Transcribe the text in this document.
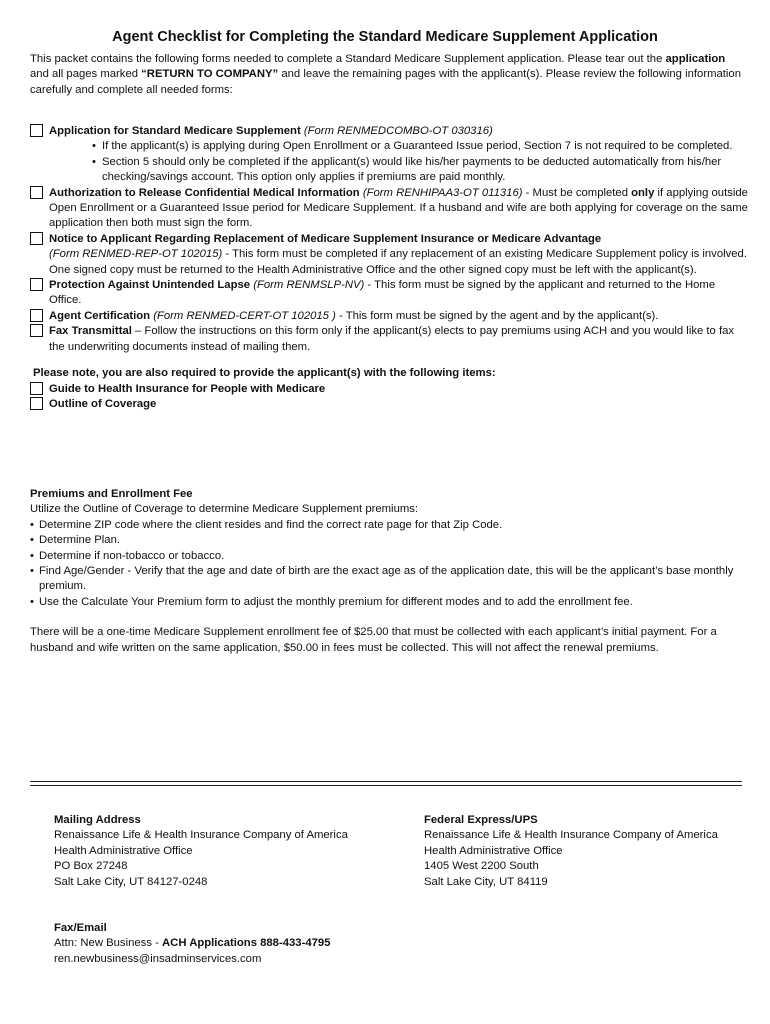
Agent Checklist for Completing the Standard Medicare Supplement Application

This packet contains the following forms needed to complete a Standard Medicare Supplement application. Please tear out the application and all pages marked “RETURN TO COMPANY” and leave the remaining pages with the applicant(s). Please review the following information carefully and complete all needed forms:

Application for Standard Medicare Supplement (Form RENMEDCOMBO-OT 030316)
• If the applicant(s) is applying during Open Enrollment or a Guaranteed Issue period, Section 7 is not required to be completed.
• Section 5 should only be completed if the applicant(s) would like his/her payments to be deducted automatically from his/her checking/savings account. This option only applies if premiums are paid monthly.
Authorization to Release Confidential Medical Information (Form RENHIPAA3-OT 011316) - Must be completed only if applying outside Open Enrollment or a Guaranteed Issue period for Medicare Supplement. If a husband and wife are both applying for coverage on the same application then both must sign the form.
Notice to Applicant Regarding Replacement of Medicare Supplement Insurance or Medicare Advantage
(Form RENMED-REP-OT 102015) - This form must be completed if any replacement of an existing Medicare Supplement policy is involved. One signed copy must be returned to the Health Administrative Office and the other signed copy must be left with the applicant(s).
Protection Against Unintended Lapse (Form RENMSLP-NV) - This form must be signed by the applicant and returned to the Home Office.
Agent Certification (Form RENMED-CERT-OT 102015 ) - This form must be signed by the agent and by the applicant(s).
Fax Transmittal – Follow the instructions on this form only if the applicant(s) elects to pay premiums using ACH and you would like to fax the underwriting documents instead of mailing them.

Please note, you are also required to provide the applicant(s) with the following items:

Guide to Health Insurance for People with Medicare
Outline of Coverage

Premiums and Enrollment Fee

Utilize the Outline of Coverage to determine Medicare Supplement premiums:

• Determine ZIP code where the client resides and find the correct rate page for that Zip Code.
• Determine Plan.
• Determine if non-tobacco or tobacco.
• Find Age/Gender - Verify that the age and date of birth are the exact age as of the application date, this will be the applicant’s base monthly premium.
• Use the Calculate Your Premium form to adjust the monthly premium for different modes and to add the enrollment fee.

There will be a one-time Medicare Supplement enrollment fee of $25.00 that must be collected with each applicant’s initial payment. For a husband and wife written on the same application, $50.00 in fees must be collected. This will not affect the renewal premiums.

Mailing Address

Renaissance Life & Health Insurance Company of America

Health Administrative Office

PO Box 27248

Salt Lake City, UT 84127-0248

Federal Express/UPS

Renaissance Life & Health Insurance Company of America

Health Administrative Office

1405 West 2200 South

Salt Lake City, UT 84119

Fax/Email

Attn: New Business - ACH Applications 888-433-4795

ren.newbusiness@insadminservices.com
